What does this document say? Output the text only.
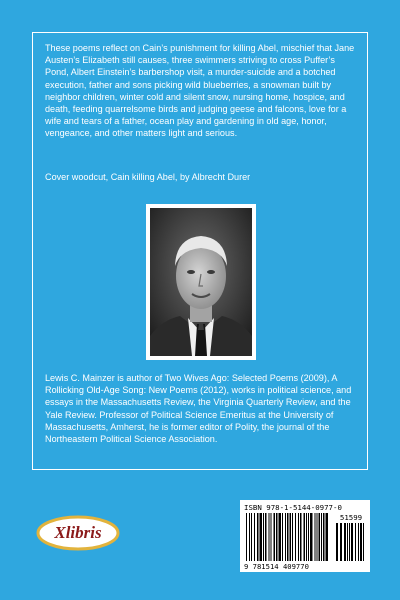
These poems reflect on Cain’s punishment for killing Abel, mischief that Jane Austen’s Elizabeth still causes, three swimmers striving to cross Puffer’s Pond, Albert Einstein’s barbershop visit, a murder-suicide and a botched execution, father and sons picking wild blueberries, a snowman built by neighbor children, winter cold and silent snow, nursing home, hospice, and death, feeding quarrelsome birds and judging geese and falcons, love for a wife and tears of a father, ocean play and gardening in old age, honor, vengeance, and other matters light and serious.

Cover woodcut, Cain killing Abel, by Albrecht Durer

Lewis C. Mainzer is author of Two Wives Ago: Selected Poems (2009), A Rollicking Old-Age Song: New Poems (2012), works in political science, and essays in the Massachusetts Review, the Virginia Quarterly Review, and the Yale Review. Professor of Political Science Emeritus at the University of Massachusetts, Amherst, he is former editor of Polity, the journal of the Northeastern Political Science Association.

Xlibris
ISBN 978-1-5144-0977-0
51599
9 781514 409770
